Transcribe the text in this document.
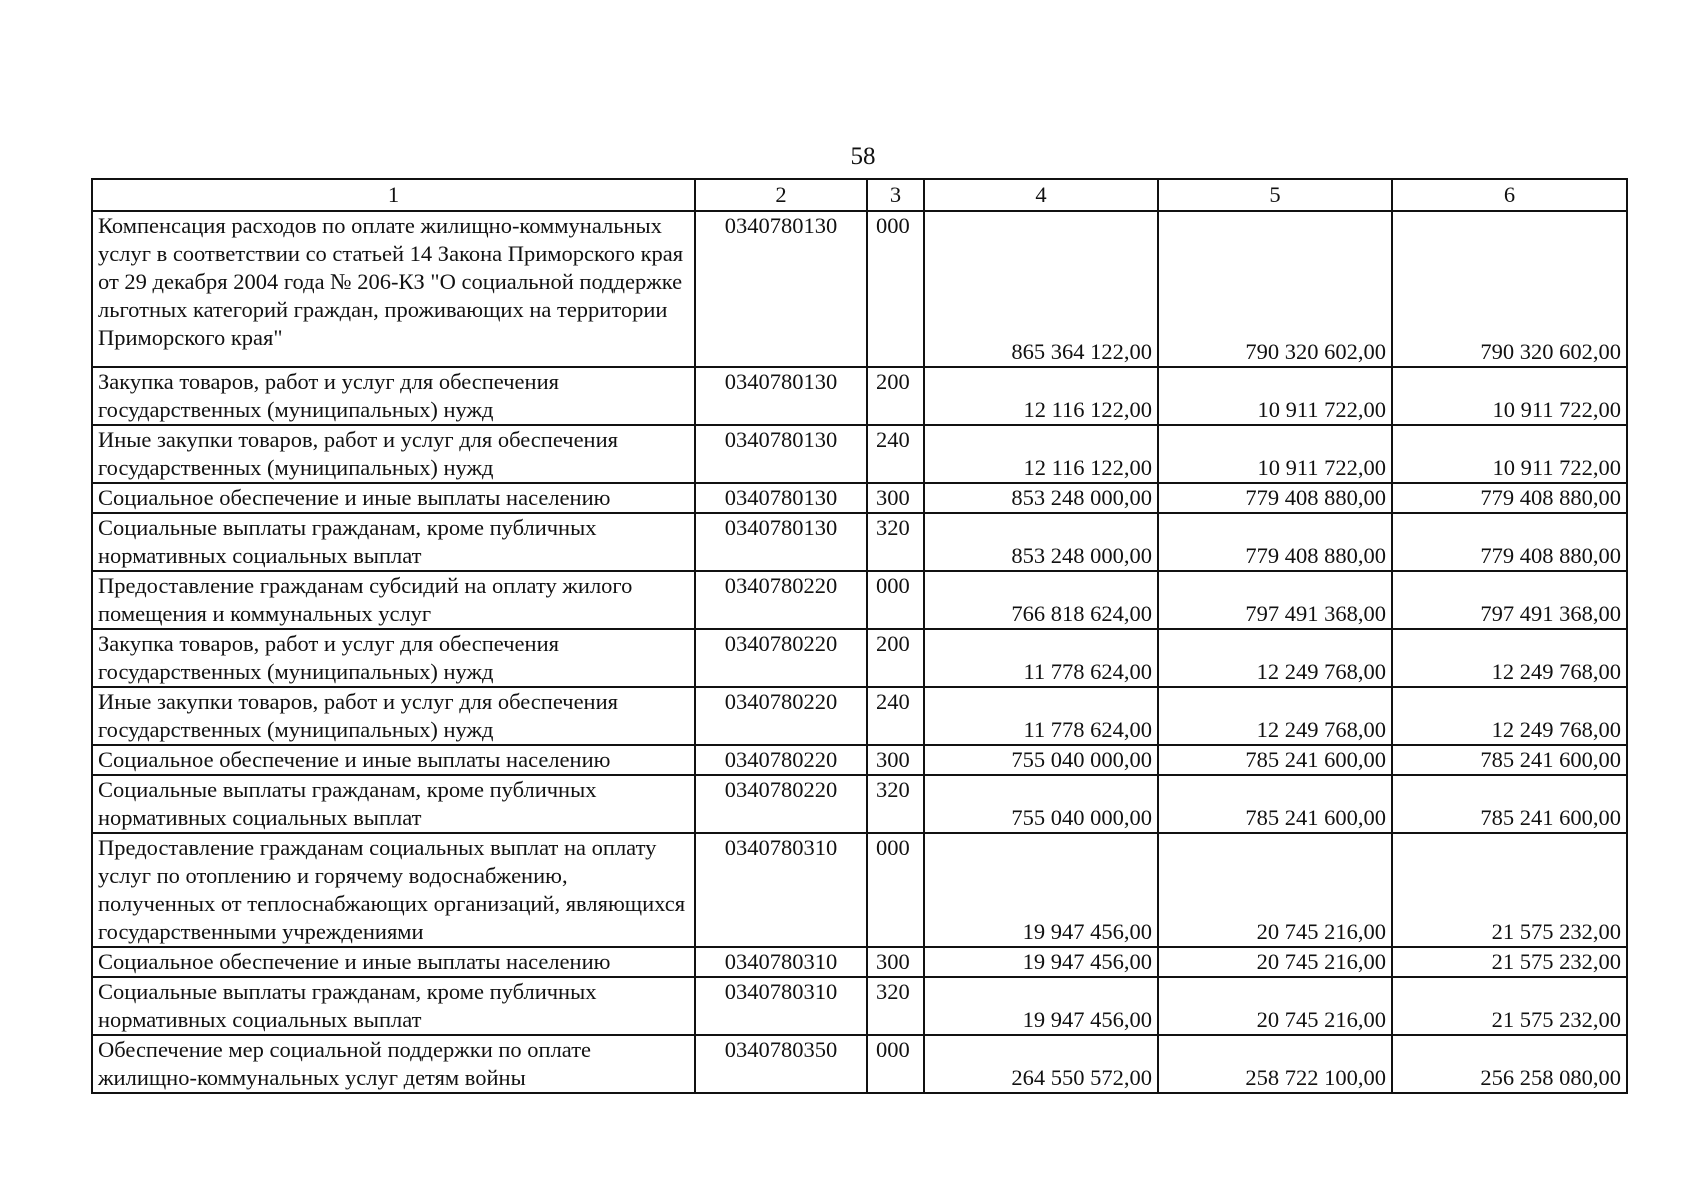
58
1	2	3	4	5	6
Компенсация расходов по оплате жилищно-коммунальных услуг в соответствии со статьей 14 Закона Приморского края от 29 декабря 2004 года № 206-КЗ "О социальной поддержке льготных категорий граждан, проживающих на территории Приморского края"	0340780130	000	865 364 122,00	790 320 602,00	790 320 602,00
Закупка товаров, работ и услуг для обеспечения государственных (муниципальных) нужд	0340780130	200	12 116 122,00	10 911 722,00	10 911 722,00
Иные закупки товаров, работ и услуг для обеспечения государственных (муниципальных) нужд	0340780130	240	12 116 122,00	10 911 722,00	10 911 722,00
Социальное обеспечение и иные выплаты населению	0340780130	300	853 248 000,00	779 408 880,00	779 408 880,00
Социальные выплаты гражданам, кроме публичных нормативных социальных выплат	0340780130	320	853 248 000,00	779 408 880,00	779 408 880,00
Предоставление гражданам субсидий на оплату жилого помещения и коммунальных услуг	0340780220	000	766 818 624,00	797 491 368,00	797 491 368,00
Закупка товаров, работ и услуг для обеспечения государственных (муниципальных) нужд	0340780220	200	11 778 624,00	12 249 768,00	12 249 768,00
Иные закупки товаров, работ и услуг для обеспечения государственных (муниципальных) нужд	0340780220	240	11 778 624,00	12 249 768,00	12 249 768,00
Социальное обеспечение и иные выплаты населению	0340780220	300	755 040 000,00	785 241 600,00	785 241 600,00
Социальные выплаты гражданам, кроме публичных нормативных социальных выплат	0340780220	320	755 040 000,00	785 241 600,00	785 241 600,00
Предоставление гражданам социальных выплат на оплату услуг по отоплению и горячему водоснабжению, полученных от теплоснабжающих организаций, являющихся государственными учреждениями	0340780310	000	19 947 456,00	20 745 216,00	21 575 232,00
Социальное обеспечение и иные выплаты населению	0340780310	300	19 947 456,00	20 745 216,00	21 575 232,00
Социальные выплаты гражданам, кроме публичных нормативных социальных выплат	0340780310	320	19 947 456,00	20 745 216,00	21 575 232,00
Обеспечение мер социальной поддержки по оплате жилищно-коммунальных услуг детям войны	0340780350	000	264 550 572,00	258 722 100,00	256 258 080,00
